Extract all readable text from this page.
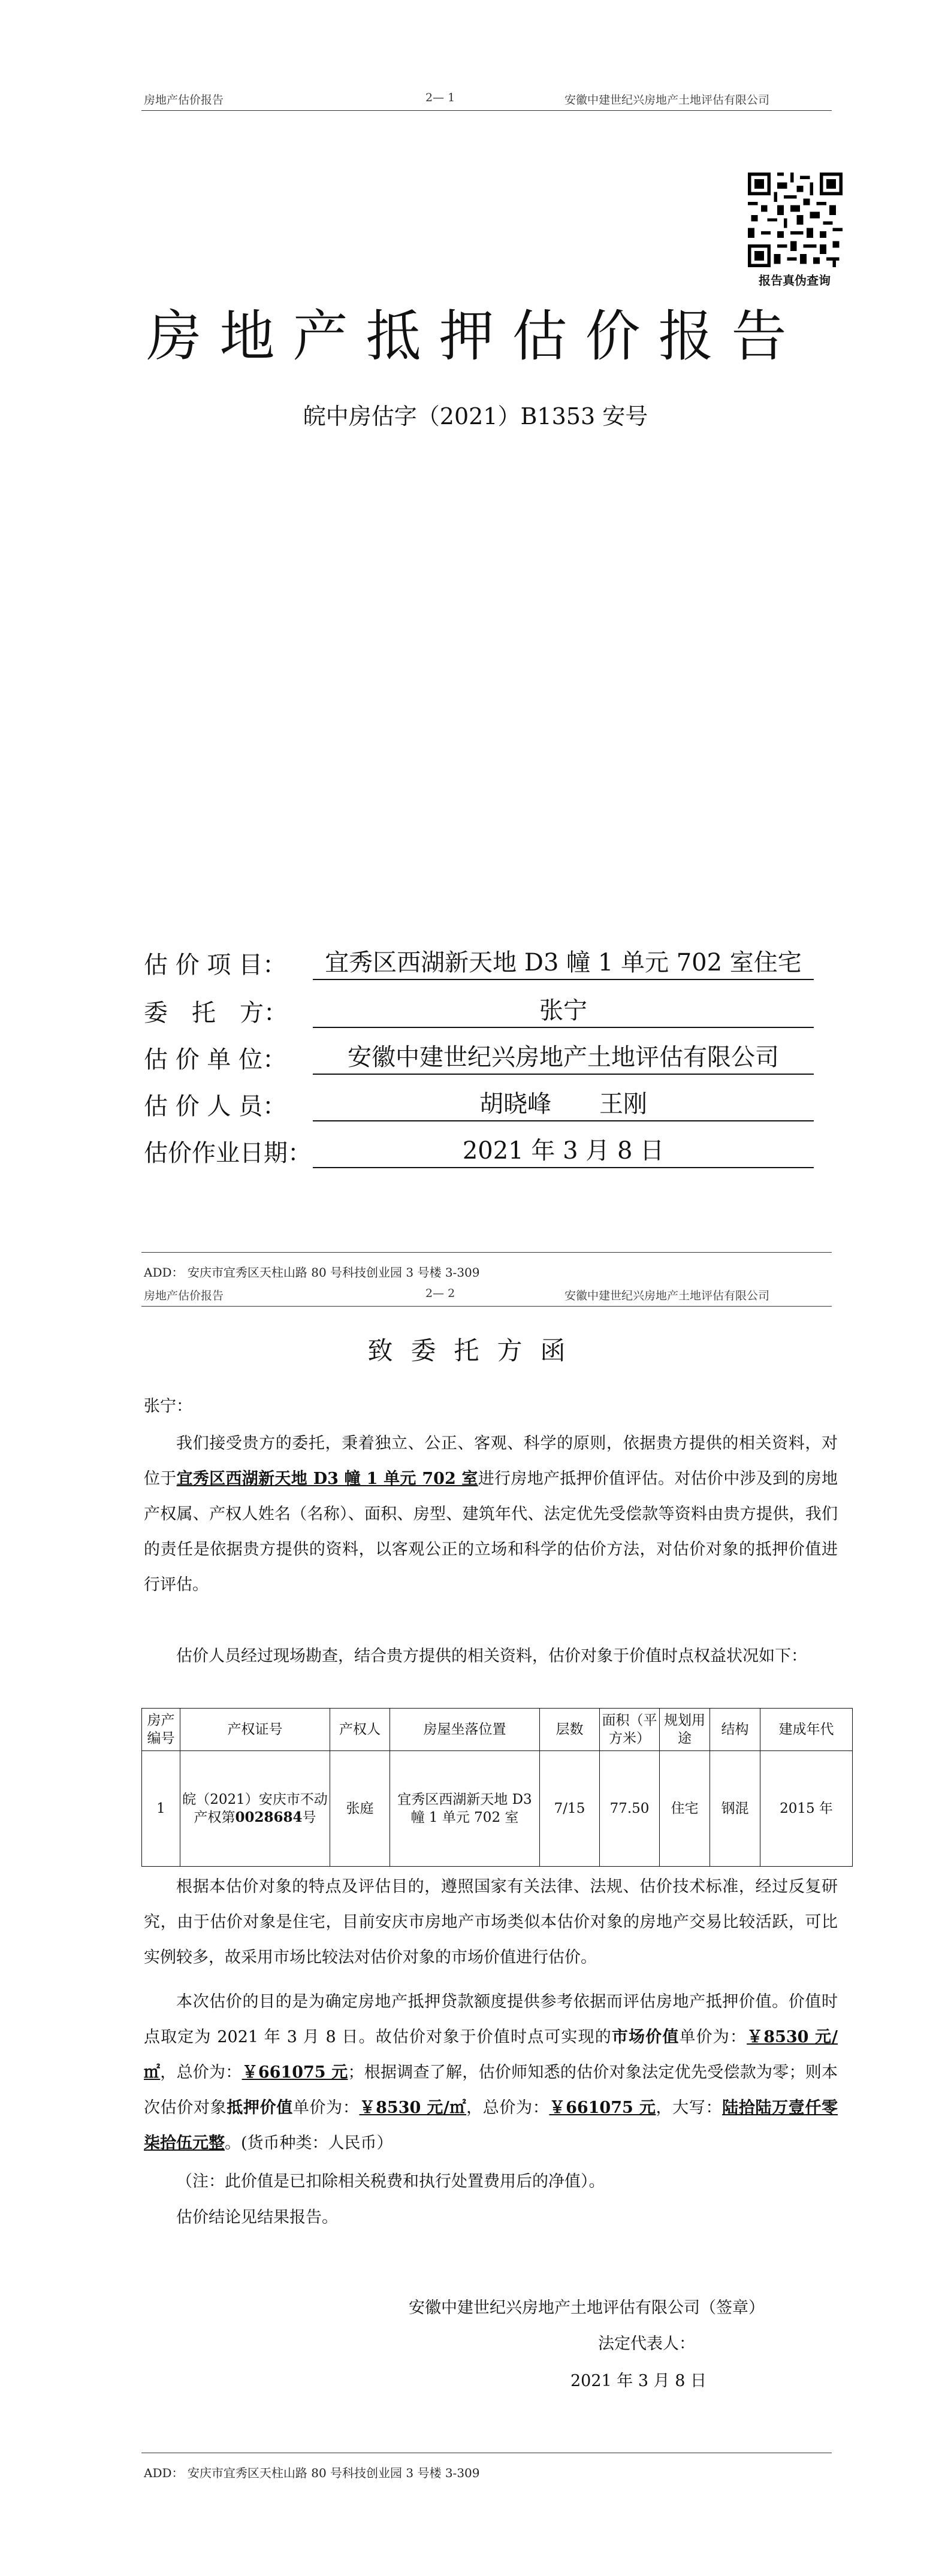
房地产估价报告	2— 1	安徽中建世纪兴房地产土地评估有限公司
报告真伪查询
房地产抵押估价报告
皖中房估字（2021）B1353 安号
估 价 项 目：	宜秀区西湖新天地 D3 幢 1 单元 702 室住宅
委　托　方：	张宁
估 价 单 位：	安徽中建世纪兴房地产土地评估有限公司
估 价 人 员：	胡晓峰　　王刚
估价作业日期：	2021 年 3 月 8 日
ADD： 安庆市宜秀区天柱山路 80 号科技创业园 3 号楼 3-309
房地产估价报告	2— 2	安徽中建世纪兴房地产土地评估有限公司
致委托方函
张宁：
我们接受贵方的委托，秉着独立、公正、客观、科学的原则，依据贵方提供的相关资料，对位于宜秀区西湖新天地 D3 幢 1 单元 702 室进行房地产抵押价值评估。对估价中涉及到的房地产权属、产权人姓名（名称）、面积、房型、建筑年代、法定优先受偿款等资料由贵方提供，我们的责任是依据贵方提供的资料，以客观公正的立场和科学的估价方法，对估价对象的抵押价值进行评估。
估价人员经过现场勘查，结合贵方提供的相关资料，估价对象于价值时点权益状况如下：
房产编号	产权证号	产权人	房屋坐落位置	层数	面积（平方米）	规划用途	结构	建成年代
1	皖（2021）安庆市不动产权第0028684号	张庭	宜秀区西湖新天地 D3 幢 1 单元 702 室	7/15	77.50	住宅	钢混	2015 年
根据本估价对象的特点及评估目的，遵照国家有关法律、法规、估价技术标准，经过反复研究，由于估价对象是住宅，目前安庆市房地产市场类似本估价对象的房地产交易比较活跃，可比实例较多，故采用市场比较法对估价对象的市场价值进行估价。
本次估价的目的是为确定房地产抵押贷款额度提供参考依据而评估房地产抵押价值。价值时点取定为 2021 年 3 月 8 日。故估价对象于价值时点可实现的市场价值单价为：￥8530 元/㎡，总价为：￥661075 元；根据调查了解，估价师知悉的估价对象法定优先受偿款为零；则本次估价对象抵押价值单价为：￥8530 元/㎡，总价为：￥661075 元，大写：陆拾陆万壹仟零柒拾伍元整。(货币种类：人民币）
（注：此价值是已扣除相关税费和执行处置费用后的净值）。
估价结论见结果报告。
安徽中建世纪兴房地产土地评估有限公司（签章）
法定代表人：
2021 年 3 月 8 日
ADD： 安庆市宜秀区天柱山路 80 号科技创业园 3 号楼 3-309
